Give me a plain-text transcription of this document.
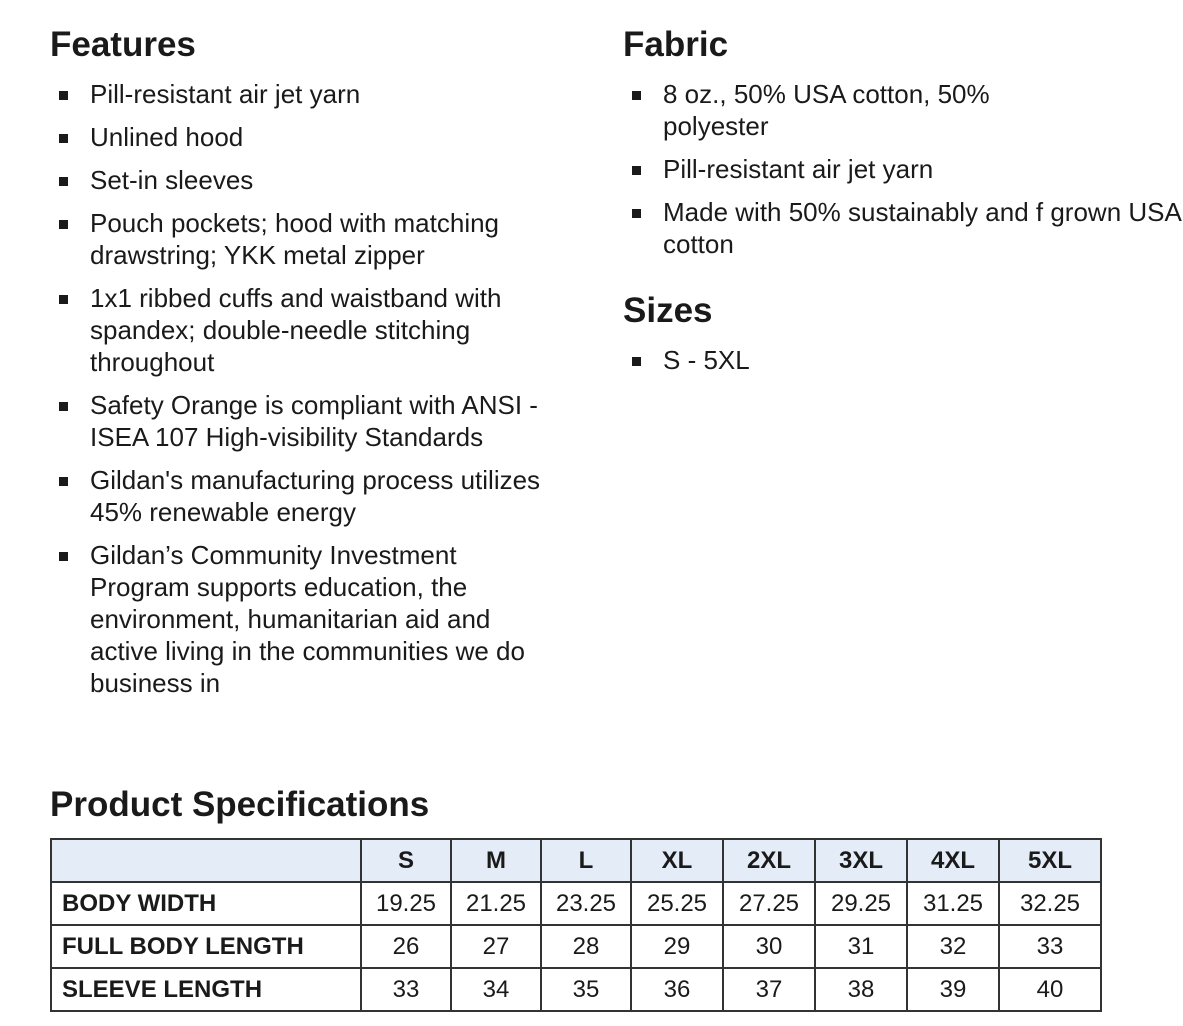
Features
Pill-resistant air jet yarn
Unlined hood
Set-in sleeves
Pouch pockets; hood with matching drawstring; YKK metal zipper
1x1 ribbed cuffs and waistband with spandex; double-needle stitching throughout
Safety Orange is compliant with ANSI - ISEA 107 High-visibility Standards
Gildan's manufacturing process utilizes 45% renewable energy
Gildan’s Community Investment Program supports education, the environment, humanitarian aid and active living in the communities we do business in
Fabric
8 oz., 50% USA cotton, 50% polyester
Pill-resistant air jet yarn
Made with 50% sustainably and f grown USA cotton
Sizes
S - 5XL
Product Specifications
	S	M	L	XL	2XL	3XL	4XL	5XL
BODY WIDTH	19.25	21.25	23.25	25.25	27.25	29.25	31.25	32.25
FULL BODY LENGTH	26	27	28	29	30	31	32	33
SLEEVE LENGTH	33	34	35	36	37	38	39	40
